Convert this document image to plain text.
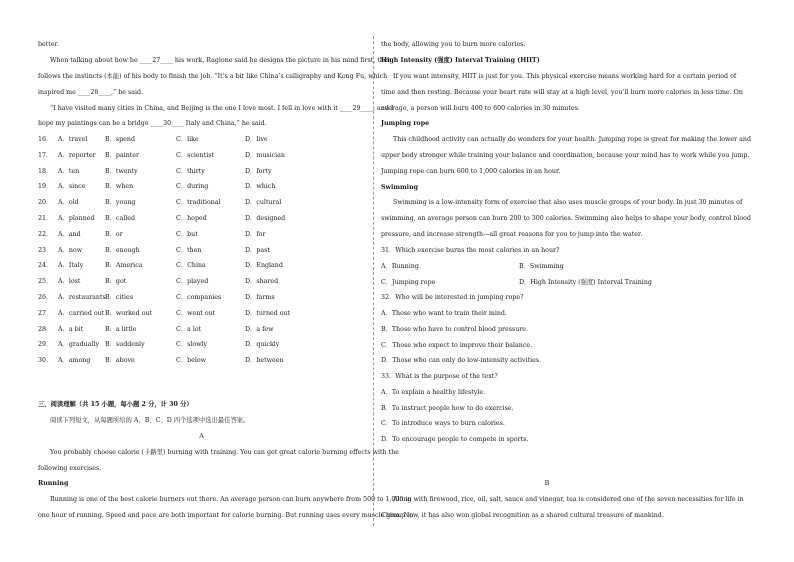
better.
When talking about how he ____27____ his work, Ragione said he designs the picture in his mind first, then
follows the instincts (本能) of his body to finish the job. “It’s a bit like China’s calligraphy and Kong Fu, which
inspired me ____28____,” he said.
“I have visited many cities in China, and Beijing is the one I love most. I fell in love with it ____29____, and I
hope my paintings can be a bridge ____30____ Italy and China,” he said.
16． A．travel	B．spend	C．like	D．live
17． A．reporter B．painter	C．scientist	D．musician
18． A．ten	B．twenty	C．thirty	D．forty
19． A．since	B．when	C．during	D．which
20． A．old	B．young	C．traditional	D．cultural
21． A．planned B．called	C．hoped	D．designed
22． A．and	B．or	C．but	D．for
23． A．now	B．enough	C．then	D．past
24． A．Italy	B．America	C．China	D．England
25． A．lost	B．got	C．played	D．shared
26． A．restaurants B．cities	C．companies	D．farms
27． A．carried out B．worked out	C．went out	D．turned out
28． A．a bit	B．a little	C．a lot	D．a few
29． A．gradually B．suddenly	C．slowly	D．quickly
30． A．among B．above	C．below	D．between
三、阅读理解（共 15 小题，每小题 2 分，计 30 分）
阅读下列短文，从每题所给的 A、B、C、D 四个选项中选出最佳答案。
A
You probably choose calorie (卡路里) burning with training. You can get great calorie burning effects with the
following exercises.
Running
Running is one of the best calorie burners out there. An average person can burn anywhere from 500 to 1,000 in
one hour of running. Speed and pace are both important for calorie burning. But running uses every muscle group in
the body, allowing you to burn more calories.
High Intensity (强度) Interval Training (HIIT)
If you want intensity, HIIT is just for you. This physical exercise means working hard for a certain period of
time and then resting. Because your heart rate will stay at a high level, you’ll burn more calories in less time. On
average, a person will burn 400 to 600 calories in 30 minutes.
Jumping rope
This childhood activity can actually do wonders for your health. Jumping rope is great for making the lower and
upper body stronger while training your balance and coordination, because your mind has to work while you jump.
Jumping rope can burn 600 to 1,000 calories in an hour.
Swimming
Swimming is a low-intensity form of exercise that also uses muscle groups of your body. In just 30 minutes of
swimming, an average person can burn 200 to 300 calories. Swimming also helps to shape your body, control blood
pressure, and increase strength—all great reasons for you to jump into the water.
31．Which exercise burns the most calories in an hour?
A．Running	B．Swimming
C．Jumping rope	D．High Intensity (强度) Interval Training
32．Who will be interested in jumping rope?
A．Those who want to train their mind.
B．Those who have to control blood pressure.
C．Those who expect to improve their balance.
D．Those who can only do low-intensity activities.
33．What is the purpose of the text?
A．To explain a healthy lifestyle.
B．To instruct people how to do exercise.
C．To introduce ways to burn calories.
D．To encourage people to compete in sports.
B
Along with firewood, rice, oil, salt, sauce and vinegar, tea is considered one of the seven necessities for life in
China. Now, it has also won global recognition as a shared cultural treasure of mankind.
